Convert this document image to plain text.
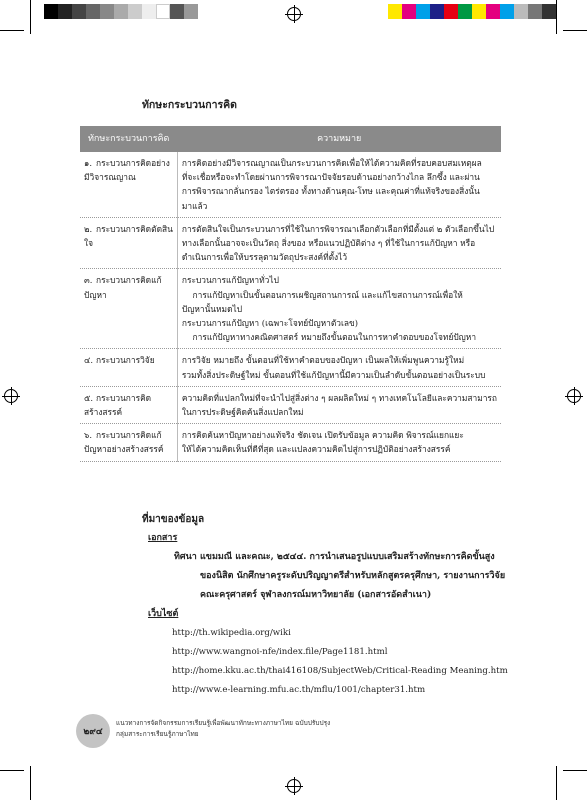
ทักษะกระบวนการคิด
ทักษะกระบวนการคิด	ความหมาย
๑. กระบวนการคิดอย่างมีวิจารณญาณ	การคิดอย่างมีวิจารณญาณเป็นกระบวนการคิดเพื่อให้ได้ความคิดที่รอบคอบสมเหตุผล
ที่จะเชื่อหรือจะทำโดยผ่านการพิจารณาปัจจัยรอบด้านอย่างกว้างไกล ลึกซึ้ง และผ่าน
การพิจารณากลั่นกรอง ไตร่ตรอง ทั้งทางด้านคุณ-โทษ และคุณค่าที่แท้จริงของสิ่งนั้น
มาแล้ว

๒. กระบวนการคิดตัดสินใจ	การตัดสินใจเป็นกระบวนการที่ใช้ในการพิจารณาเลือกตัวเลือกที่มีตั้งแต่ ๒ ตัวเลือกขึ้นไป
ทางเลือกนั้นอาจจะเป็นวัตถุ สิ่งของ หรือแนวปฏิบัติต่าง ๆ ที่ใช้ในการแก้ปัญหา หรือ
ดำเนินการเพื่อให้บรรลุตามวัตถุประสงค์ที่ตั้งไว้

๓. กระบวนการคิดแก้ปัญหา	กระบวนการแก้ปัญหาทั่วไป
การแก้ปัญหาเป็นขั้นตอนการเผชิญสถานการณ์ และแก้ไขสถานการณ์เพื่อให้
ปัญหานั้นหมดไป
กระบวนการแก้ปัญหา (เฉพาะโจทย์ปัญหาตัวเลข)
การแก้ปัญหาทางคณิตศาสตร์ หมายถึงขั้นตอนในการหาคำตอบของโจทย์ปัญหา

๔. กระบวนการวิจัย	การวิจัย หมายถึง ขั้นตอนที่ใช้หาคำตอบของปัญหา เป็นผลให้เพิ่มพูนความรู้ใหม่
รวมทั้งสิ่งประดิษฐ์ใหม่ ขั้นตอนที่ใช้แก้ปัญหานี้มีความเป็นลำดับขั้นตอนอย่างเป็นระบบ

๕. กระบวนการคิดสร้างสรรค์	ความคิดที่แปลกใหม่ที่จะนำไปสู่สิ่งต่าง ๆ ผลผลิตใหม่ ๆ ทางเทคโนโลยีและความสามารถ
ในการประดิษฐ์คิดค้นสิ่งแปลกใหม่

๖. กระบวนการคิดแก้ปัญหาอย่างสร้างสรรค์	การคิดค้นหาปัญหาอย่างแท้จริง ชัดเจน เปิดรับข้อมูล ความคิด พิจารณ์แยกแยะ
ให้ได้ความคิดเห็นที่ดีที่สุด และแปลงความคิดไปสู่การปฏิบัติอย่างสร้างสรรค์
ที่มาของข้อมูล
เอกสาร
ทิศนา แขมมณี และคณะ, ๒๕๔๔. การนำเสนอรูปแบบเสริมสร้างทักษะการคิดขั้นสูง
ของนิสิต นักศึกษาครูระดับปริญญาตรีสำหรับหลักสูตรครุศึกษา, รายงานการวิจัย
คณะครุศาสตร์ จุฬาลงกรณ์มหาวิทยาลัย (เอกสารอัดสำเนา)
เว็บไซต์
http://th.wikipedia.org/wiki
http://www.wangnoi-nfe/index.file/Page1181.html
http://home.kku.ac.th/thai416108/SubjectWeb/Critical-Reading Meaning.htm
http://www.e-learning.mfu.ac.th/mflu/1001/chapter31.htm
๒๙๔
แนวทางการจัดกิจกรรมการเรียนรู้เพื่อพัฒนาทักษะทางภาษาไทย ฉบับปรับปรุง
กลุ่มสาระการเรียนรู้ภาษาไทย
